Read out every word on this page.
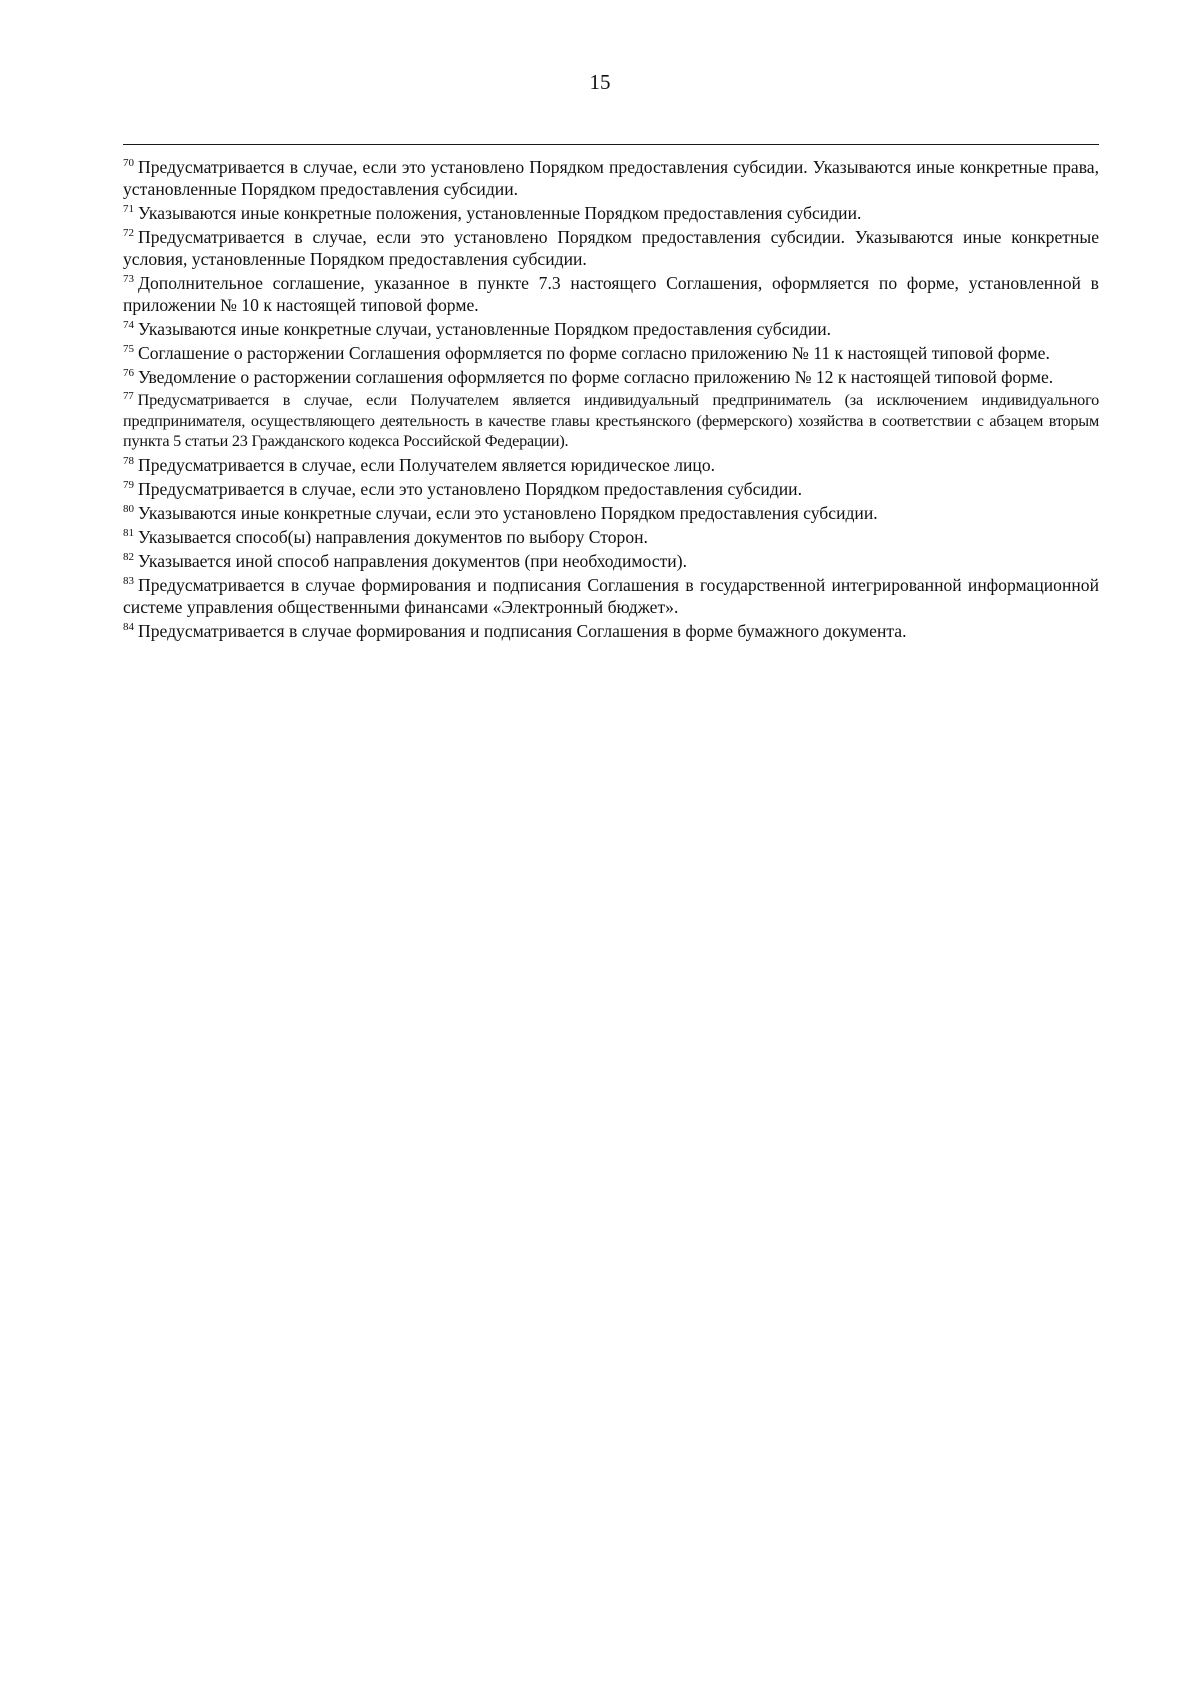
15

$^{70}$ Предусматривается в случае, если это установлено Порядком предоставления субсидии. Указываются иные конкретные права, установленные Порядком предоставления субсидии.

$^{71}$ Указываются иные конкретные положения, установленные Порядком предоставления субсидии.

$^{72}$ Предусматривается в случае, если это установлено Порядком предоставления субсидии. Указываются иные конкретные условия, установленные Порядком предоставления субсидии.

$^{73}$ Дополнительное соглашение, указанное в пункте 7.3 настоящего Соглашения, оформляется по форме, установленной в приложении № 10 к настоящей типовой форме.

$^{74}$ Указываются иные конкретные случаи, установленные Порядком предоставления субсидии.

$^{75}$ Соглашение о расторжении Соглашения оформляется по форме согласно приложению № 11 к настоящей типовой форме.

$^{76}$ Уведомление о расторжении соглашения оформляется по форме согласно приложению № 12 к настоящей типовой форме.

$^{77}$ Предусматривается в случае, если Получателем является индивидуальный предприниматель (за исключением индивидуального предпринимателя, осуществляющего деятельность в качестве главы крестьянского (фермерского) хозяйства в соответствии с абзацем вторым пункта 5 статьи 23 Гражданского кодекса Российской Федерации).

$^{78}$ Предусматривается в случае, если Получателем является юридическое лицо.

$^{79}$ Предусматривается в случае, если это установлено Порядком предоставления субсидии.

$^{80}$ Указываются иные конкретные случаи, если это установлено Порядком предоставления субсидии.

$^{81}$ Указывается способ(ы) направления документов по выбору Сторон.

$^{82}$ Указывается иной способ направления документов (при необходимости).

$^{83}$ Предусматривается в случае формирования и подписания Соглашения в государственной интегрированной информационной системе управления общественными финансами «Электронный бюджет».

$^{84}$ Предусматривается в случае формирования и подписания Соглашения в форме бумажного документа.
